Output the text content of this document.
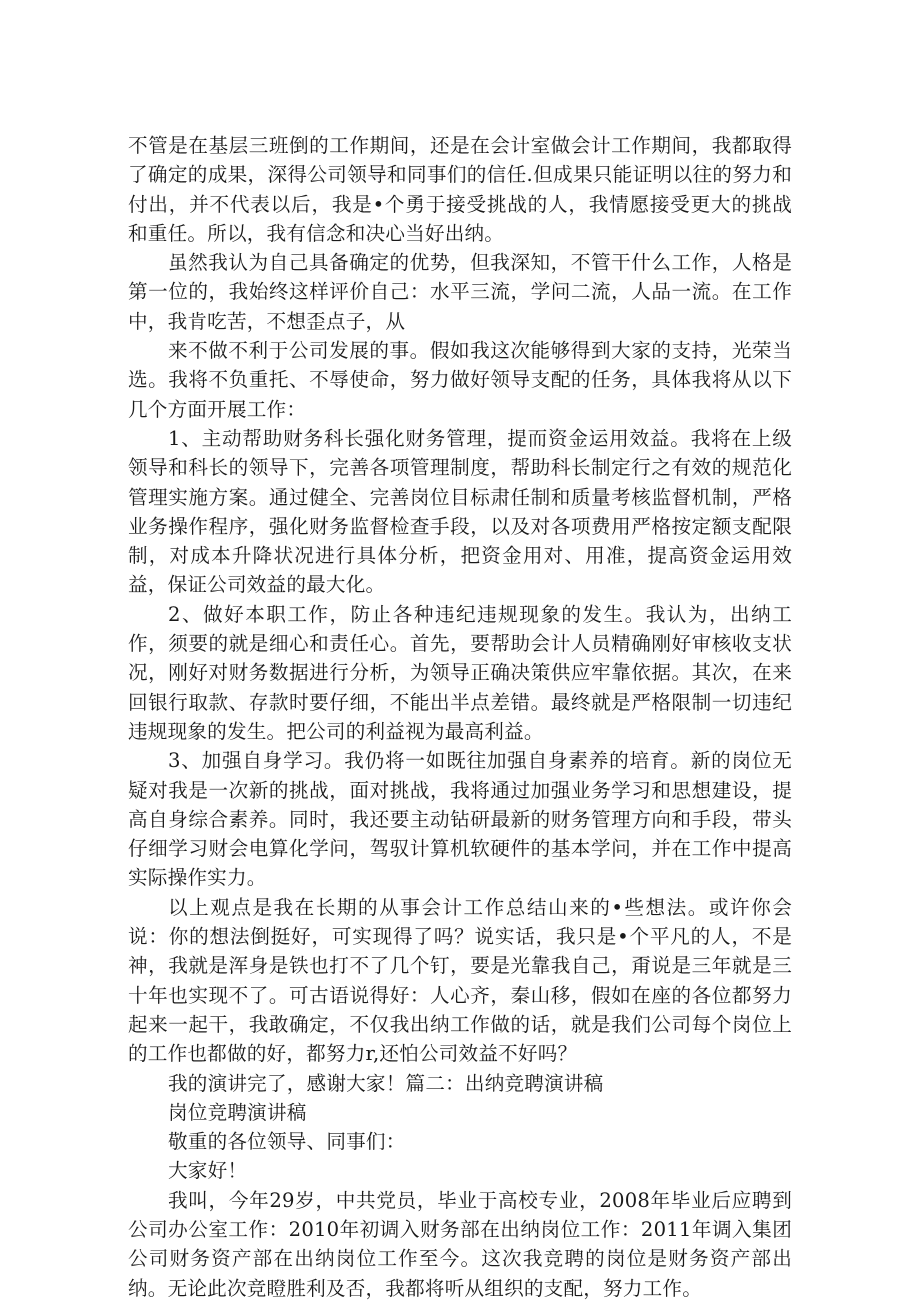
不管是在基层三班倒的工作期间，还是在会计室做会计工作期间，我都取得了确定的成果，深得公司领导和同事们的信任.但成果只能证明以往的努力和付出，并不代表以后，我是•个勇于接受挑战的人，我情愿接受更大的挑战和重任。所以，我有信念和决心当好出纳。

虽然我认为自己具备确定的优势，但我深知，不管干什么工作，人格是第一位的，我始终这样评价自己：水平三流，学问二流，人品一流。在工作中，我肯吃苦，不想歪点子，从

来不做不利于公司发展的事。假如我这次能够得到大家的支持，光荣当选。我将不负重托、不辱使命，努力做好领导支配的任务，具体我将从以下几个方面开展工作：

1、主动帮助财务科长强化财务管理，提而资金运用效益。我将在上级领导和科长的领导下，完善各项管理制度，帮助科长制定行之有效的规范化管理实施方案。通过健全、完善岗位目标肃任制和质量考核监督机制，严格业务操作程序，强化财务监督检查手段，以及对各项费用严格按定额支配限制，对成本升降状况进行具体分析，把资金用对、用准，提高资金运用效益，保证公司效益的最大化。

2、做好本职工作，防止各种违纪违规现象的发生。我认为，出纳工作，须要的就是细心和责任心。首先，要帮助会计人员精确刚好审核收支状况，刚好对财务数据进行分析，为领导正确决策供应牢靠依据。其次，在来回银行取款、存款时要仔细，不能出半点差错。最终就是严格限制一切违纪违规现象的发生。把公司的利益视为最高利益。

3、加强自身学习。我仍将一如既往加强自身素养的培育。新的岗位无疑对我是一次新的挑战，面对挑战，我将通过加强业务学习和思想建设，提高自身综合素养。同时，我还要主动钻研最新的财务管理方向和手段，带头仔细学习财会电算化学问，驾驭计算机软硬件的基本学问，并在工作中提高实际操作实力。

以上观点是我在长期的从事会计工作总结山来的•些想法。或许你会说：你的想法倒挺好，可实现得了吗？说实话，我只是•个平凡的人，不是神，我就是浑身是铁也打不了几个钉，要是光靠我自己，甭说是三年就是三十年也实现不了。可古语说得好：人心齐，秦山移，假如在座的各位都努力起来一起干，我敢确定，不仅我出纳工作做的话，就是我们公司每个岗位上的工作也都做的好，都努力r,还怕公司效益不好吗？

我的演讲完了，感谢大家！篇二：出纳竞聘演讲稿

岗位竞聘演讲稿

敬重的各位领导、同事们：

大家好！

我叫，今年29岁，中共党员，毕业于高校专业，2008年毕业后应聘到公司办公室工作：2010年初调入财务部在出纳岗位工作：2011年调入集团公司财务资产部在出纳岗位工作至今。这次我竞聘的岗位是财务资产部出纳。无论此次竞瞪胜利及否，我都将听从组织的支配，努力工作。
